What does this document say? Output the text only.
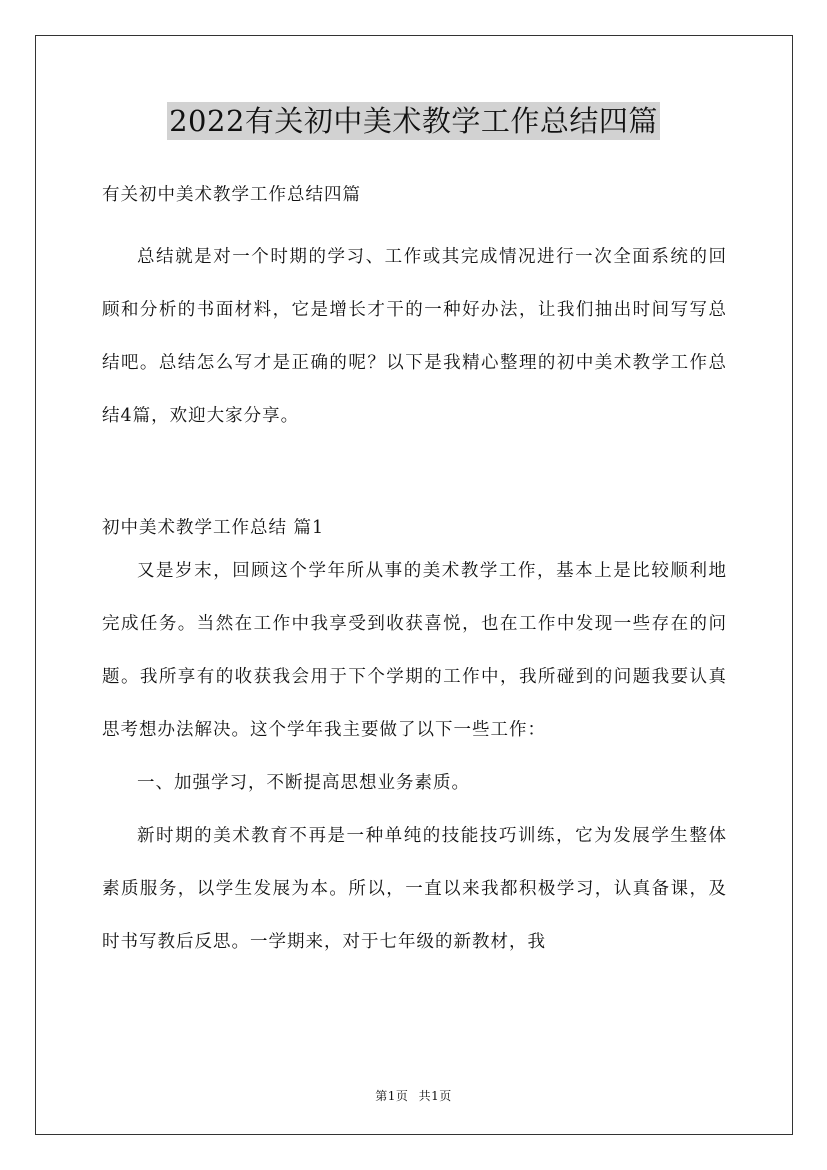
2022有关初中美术教学工作总结四篇

有关初中美术教学工作总结四篇

总结就是对一个时期的学习、工作或其完成情况进行一次全面系统的回顾和分析的书面材料，它是增长才干的一种好办法，让我们抽出时间写写总结吧。总结怎么写才是正确的呢？以下是我精心整理的初中美术教学工作总结4篇，欢迎大家分享。

初中美术教学工作总结 篇1

又是岁末，回顾这个学年所从事的美术教学工作，基本上是比较顺利地完成任务。当然在工作中我享受到收获喜悦，也在工作中发现一些存在的问题。我所享有的收获我会用于下个学期的工作中，我所碰到的问题我要认真思考想办法解决。这个学年我主要做了以下一些工作：

一、加强学习，不断提高思想业务素质。

新时期的美术教育不再是一种单纯的技能技巧训练，它为发展学生整体素质服务，以学生发展为本。所以，一直以来我都积极学习，认真备课，及时书写教后反思。一学期来，对于七年级的新教材，我

第1页 共1页
